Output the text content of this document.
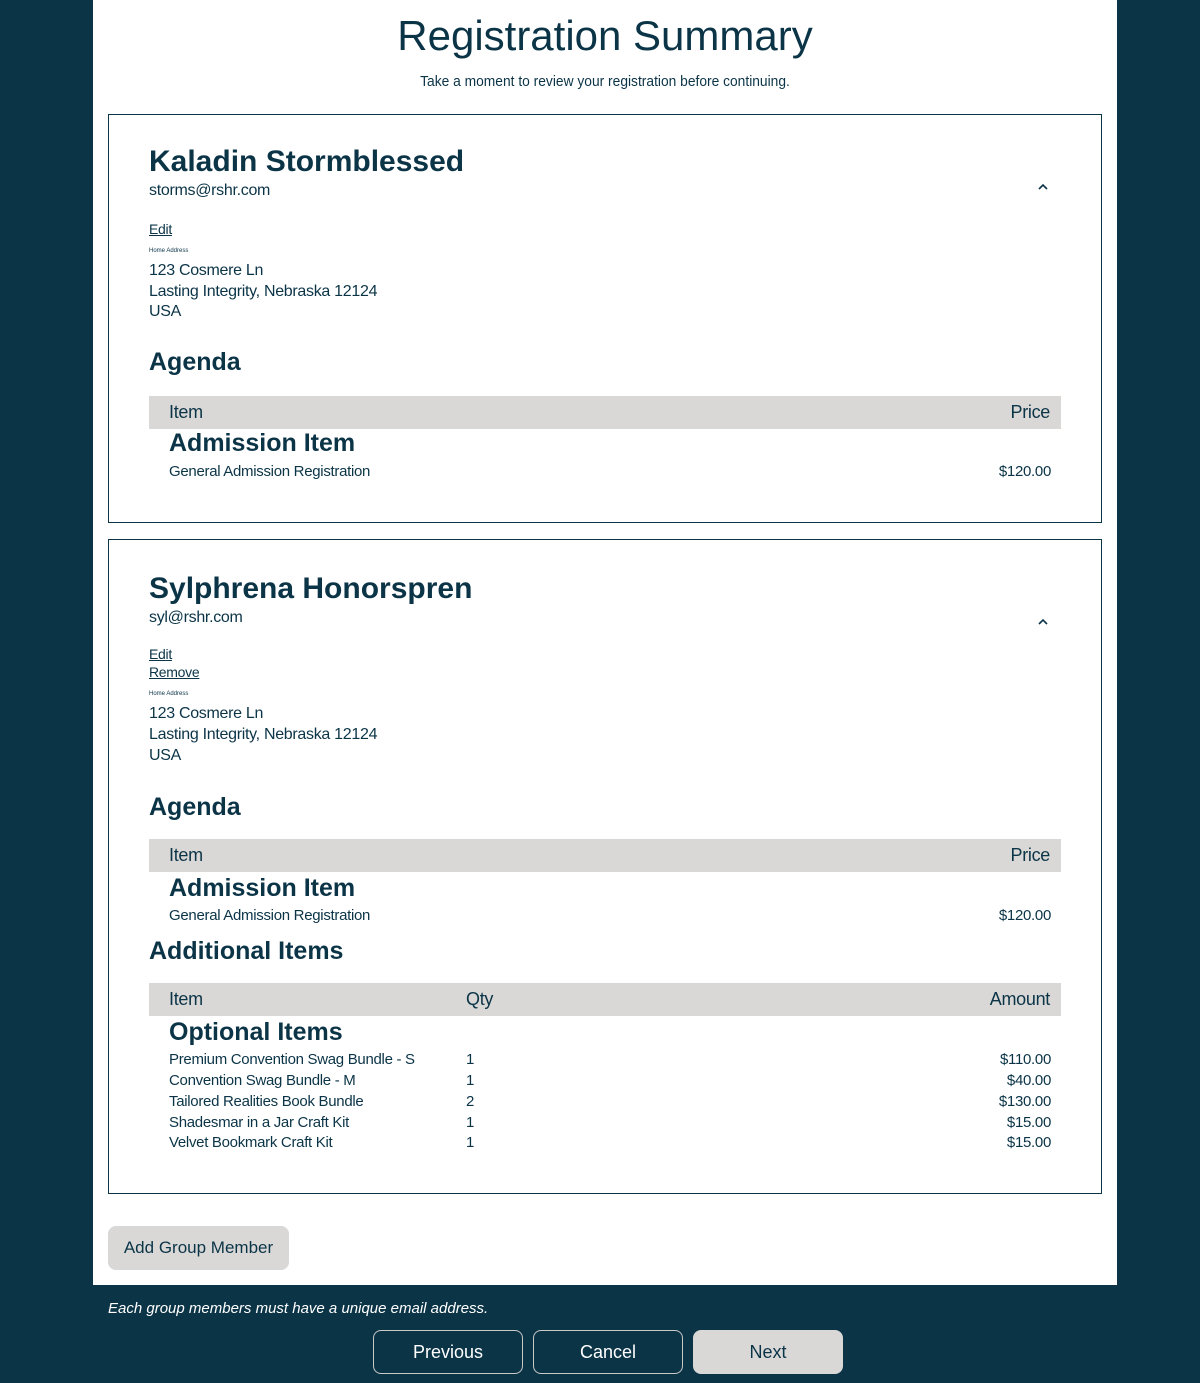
Registration Summary

Take a moment to review your registration before continuing.

Kaladin Stormblessed
storms@rshr.com
Edit
Home Address
123 Cosmere Ln
Lasting Integrity, Nebraska 12124
USA
Agenda
Item	Price
Admission Item
General Admission Registration	$120.00
Sylphrena Honorspren
syl@rshr.com
Edit
Remove
Home Address
123 Cosmere Ln
Lasting Integrity, Nebraska 12124
USA
Agenda
Item	Price
Admission Item
General Admission Registration	$120.00
Additional Items
Item	Qty	Amount
Optional Items
Premium Convention Swag Bundle - S	1	$110.00
Convention Swag Bundle - M	1	$40.00
Tailored Realities Book Bundle	2	$130.00
Shadesmar in a Jar Craft Kit	1	$15.00
Velvet Bookmark Craft Kit	1	$15.00
Add Group Member
Each group members must have a unique email address.
Previous	Cancel	Next
